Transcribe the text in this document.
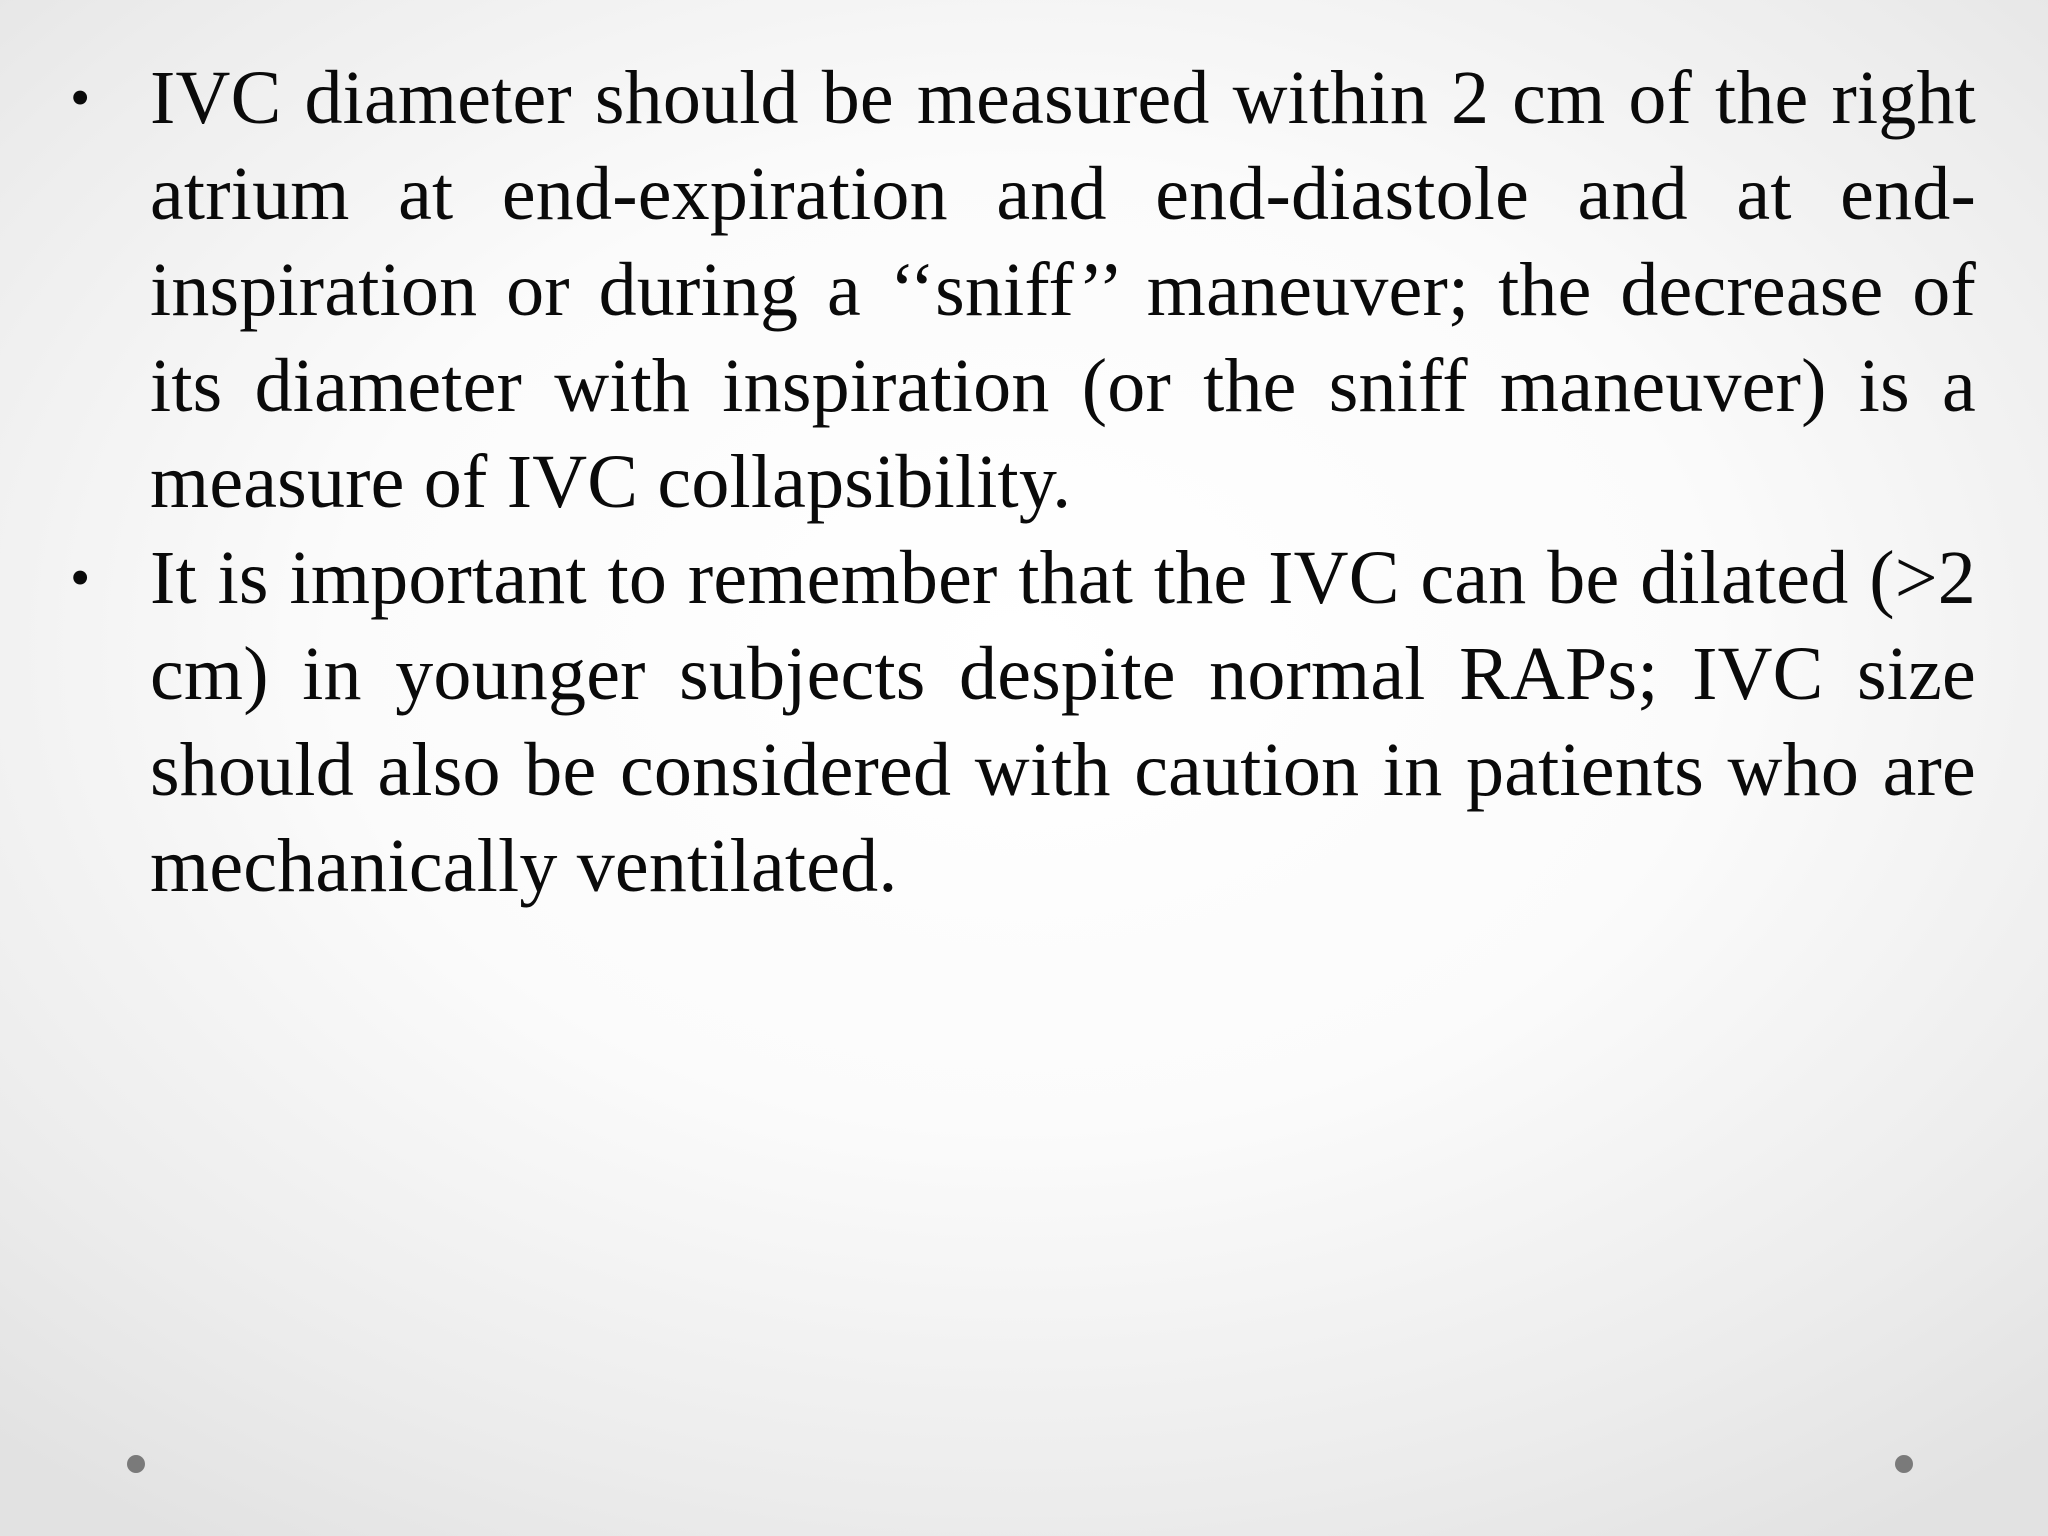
• IVC diameter should be measured within 2 cm of the right atrium at end-expiration and end-diastole and at end-inspiration or during a ‘‘sniff’’ maneuver; the decrease of its diameter with inspiration (or the sniff maneuver) is a measure of IVC collapsibility.
• It is important to remember that the IVC can be dilated (>2 cm) in younger subjects despite normal RAPs; IVC size should also be considered with caution in patients who are mechanically ventilated.
